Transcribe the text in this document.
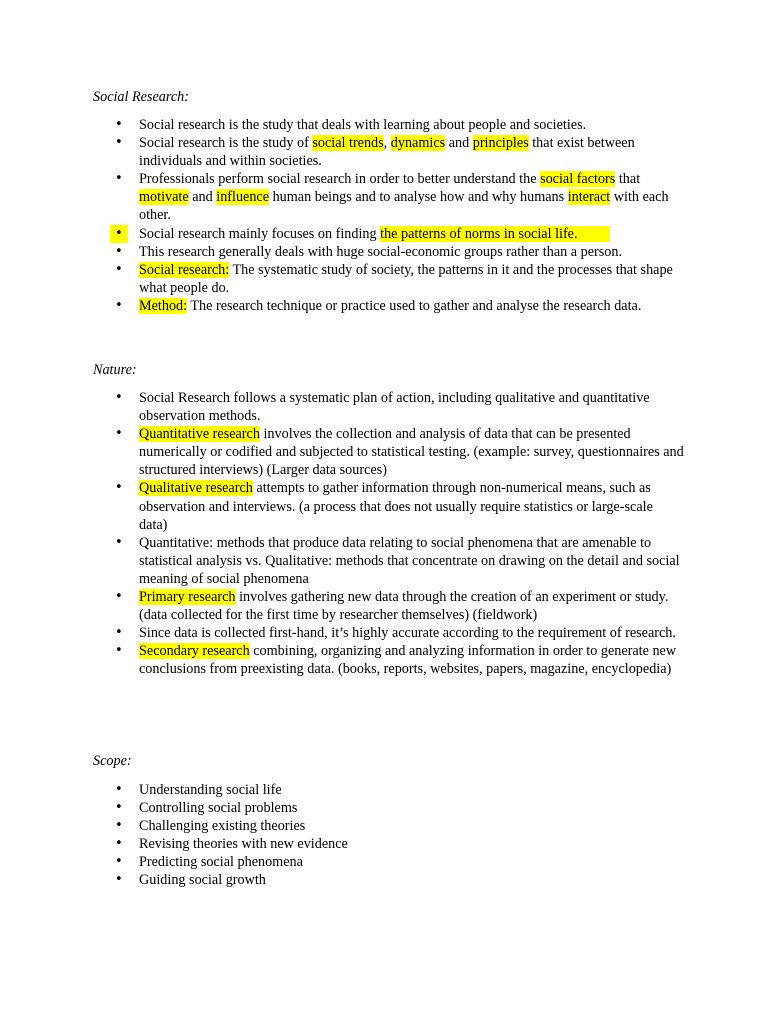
Social Research:
• Social research is the study that deals with learning about people and societies.
• Social research is the study of social trends, dynamics and principles that exist between individuals and within societies.
• Professionals perform social research in order to better understand the social factors that motivate and influence human beings and to analyse how and why humans interact with each other.
• Social research mainly focuses on finding the patterns of norms in social life.
• This research generally deals with huge social-economic groups rather than a person.
• Social research: The systematic study of society, the patterns in it and the processes that shape what people do.
• Method: The research technique or practice used to gather and analyse the research data.
Nature:
• Social Research follows a systematic plan of action, including qualitative and quantitative observation methods.
• Quantitative research involves the collection and analysis of data that can be presented numerically or codified and subjected to statistical testing. (example: survey, questionnaires and structured interviews) (Larger data sources)
• Qualitative research attempts to gather information through non-numerical means, such as observation and interviews. (a process that does not usually require statistics or large-scale data)
• Quantitative: methods that produce data relating to social phenomena that are amenable to statistical analysis vs. Qualitative: methods that concentrate on drawing on the detail and social meaning of social phenomena
• Primary research involves gathering new data through the creation of an experiment or study. (data collected for the first time by researcher themselves) (fieldwork)
• Since data is collected first-hand, it’s highly accurate according to the requirement of research.
• Secondary research combining, organizing and analyzing information in order to generate new conclusions from preexisting data. (books, reports, websites, papers, magazine, encyclopedia)
Scope:
• Understanding social life
• Controlling social problems
• Challenging existing theories
• Revising theories with new evidence
• Predicting social phenomena
• Guiding social growth
